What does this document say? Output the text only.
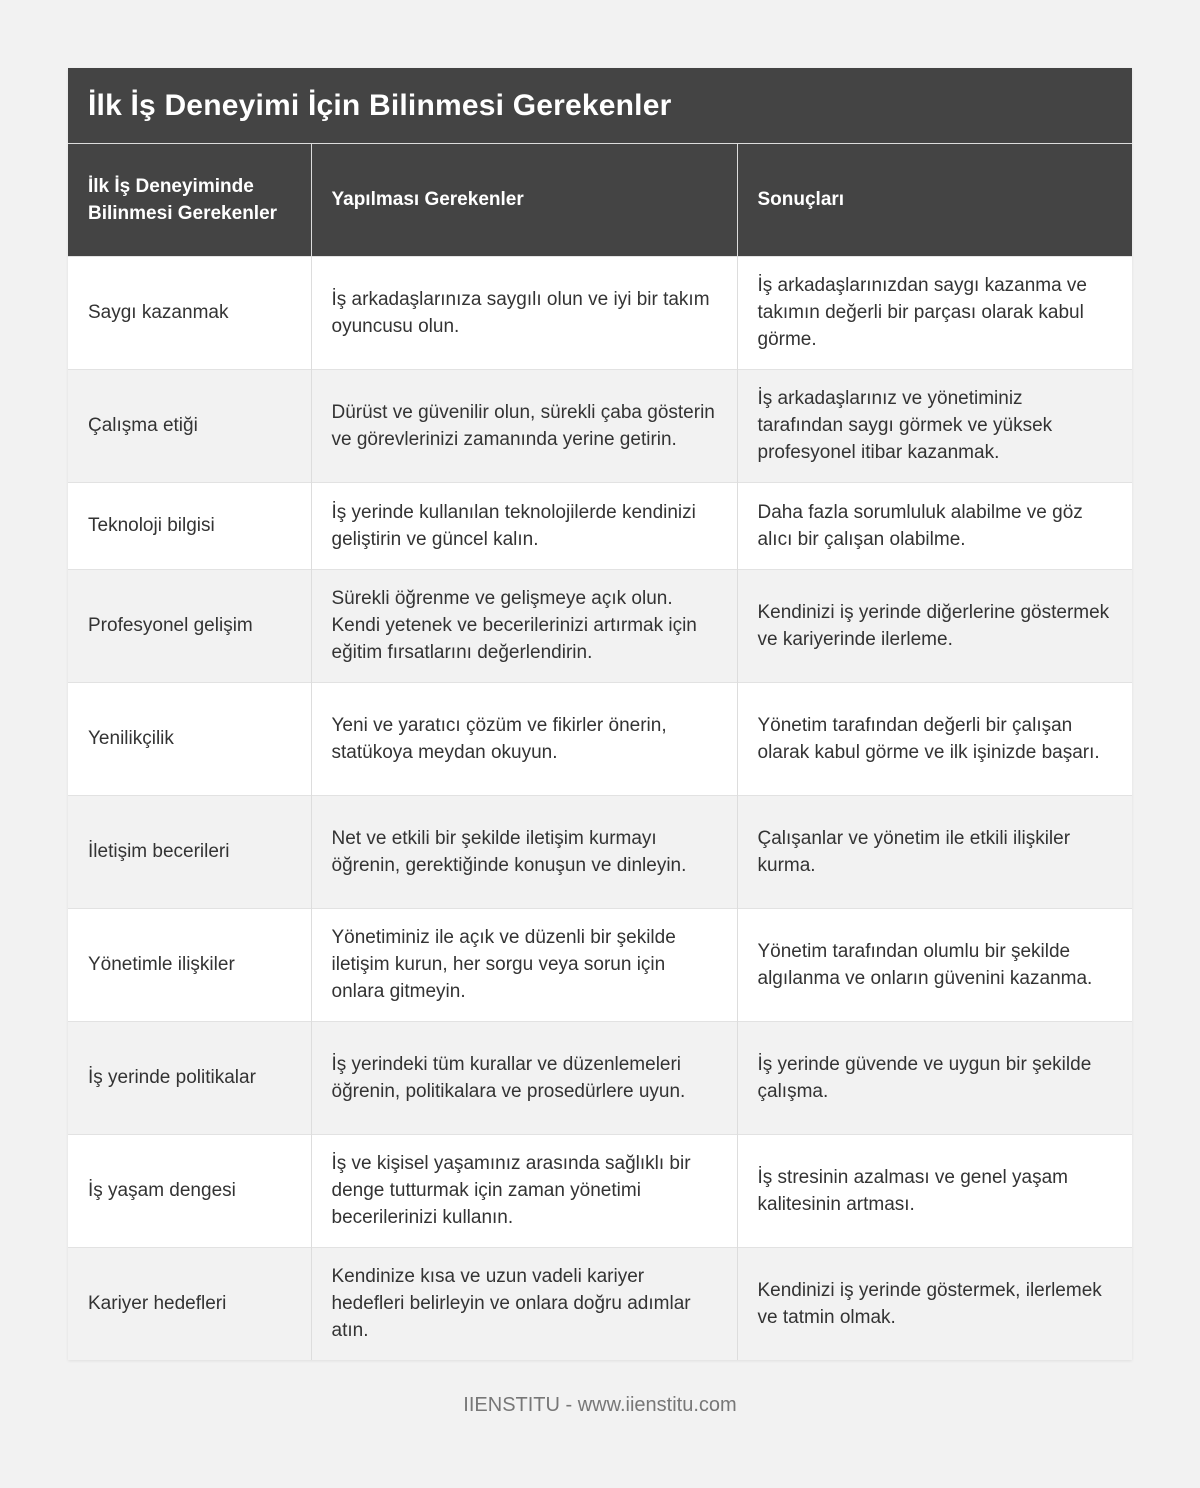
İlk İş Deneyimi İçin Bilinmesi Gerekenler
İlk İş Deneyiminde Bilinmesi Gerekenler	Yapılması Gerekenler	Sonuçları
Saygı kazanmak	İş arkadaşlarınıza saygılı olun ve iyi bir takım oyuncusu olun.	İş arkadaşlarınızdan saygı kazanma ve takımın değerli bir parçası olarak kabul görme.
Çalışma etiği	Dürüst ve güvenilir olun, sürekli çaba gösterin ve görevlerinizi zamanında yerine getirin.	İş arkadaşlarınız ve yönetiminiz tarafından saygı görmek ve yüksek profesyonel itibar kazanmak.
Teknoloji bilgisi	İş yerinde kullanılan teknolojilerde kendinizi geliştirin ve güncel kalın.	Daha fazla sorumluluk alabilme ve göz alıcı bir çalışan olabilme.
Profesyonel gelişim	Sürekli öğrenme ve gelişmeye açık olun. Kendi yetenek ve becerilerinizi artırmak için eğitim fırsatlarını değerlendirin.	Kendinizi iş yerinde diğerlerine göstermek ve kariyerinde ilerleme.
Yenilikçilik	Yeni ve yaratıcı çözüm ve fikirler önerin, statükoya meydan okuyun.	Yönetim tarafından değerli bir çalışan olarak kabul görme ve ilk işinizde başarı.
İletişim becerileri	Net ve etkili bir şekilde iletişim kurmayı öğrenin, gerektiğinde konuşun ve dinleyin.	Çalışanlar ve yönetim ile etkili ilişkiler kurma.
Yönetimle ilişkiler	Yönetiminiz ile açık ve düzenli bir şekilde iletişim kurun, her sorgu veya sorun için onlara gitmeyin.	Yönetim tarafından olumlu bir şekilde algılanma ve onların güvenini kazanma.
İş yerinde politikalar	İş yerindeki tüm kurallar ve düzenlemeleri öğrenin, politikalara ve prosedürlere uyun.	İş yerinde güvende ve uygun bir şekilde çalışma.
İş yaşam dengesi	İş ve kişisel yaşamınız arasında sağlıklı bir denge tutturmak için zaman yönetimi becerilerinizi kullanın.	İş stresinin azalması ve genel yaşam kalitesinin artması.
Kariyer hedefleri	Kendinize kısa ve uzun vadeli kariyer hedefleri belirleyin ve onlara doğru adımlar atın.	Kendinizi iş yerinde göstermek, ilerlemek ve tatmin olmak.
IIENSTITU - www.iienstitu.com
